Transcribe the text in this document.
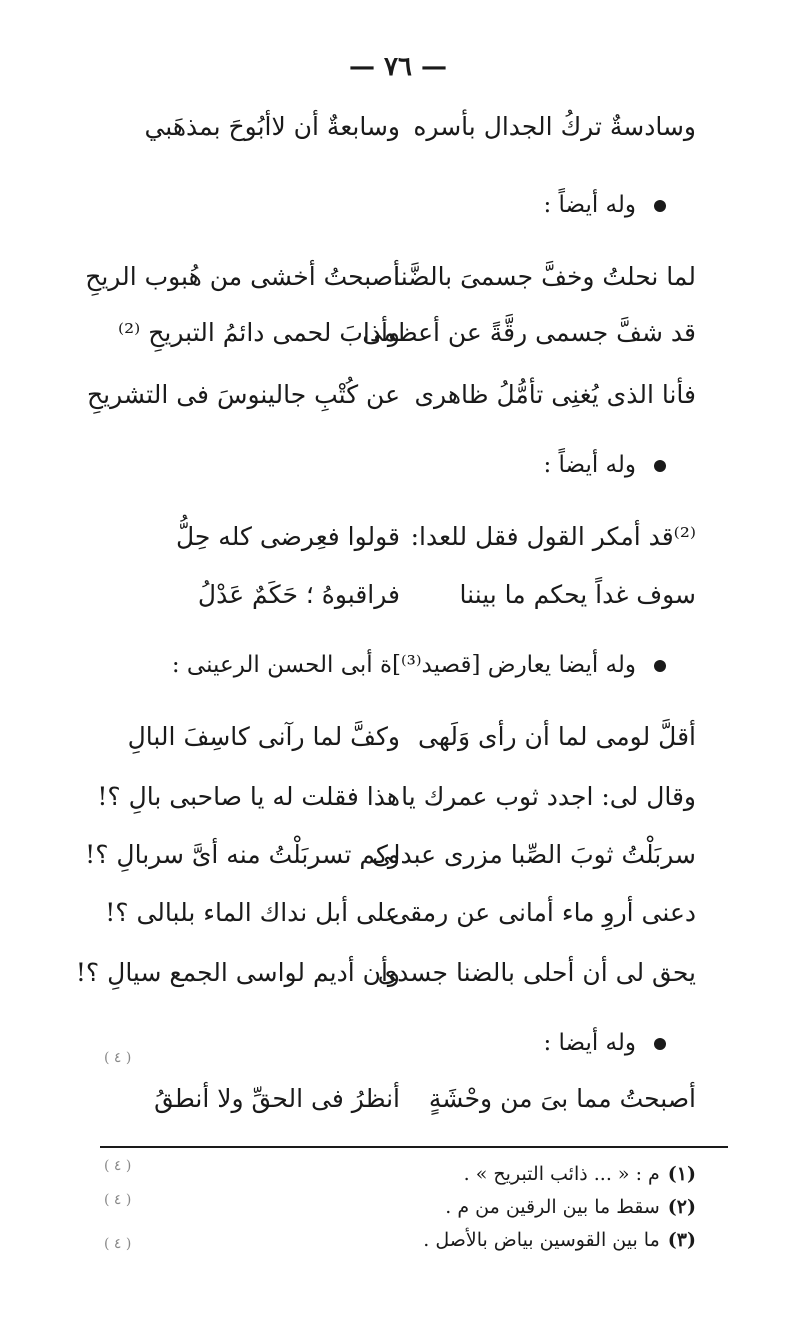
— ٧٦ —
وسادسةٌ تركُ الجدال بأسره
وسابعةٌ أن لاأبُوحَ بمذهَبي
وله أيضاً :
لما نحلتُ وخفَّ جسمىَ بالضَّنا
أصبحتُ أخشى من هُبوب الريحِ
قد شفَّ جسمى رقَّةً عن أعظمى
وأذابَ لحمى دائمُ التبريحِ ⁽²⁾
فأنا الذى يُغنِى تأمُّلُ ظاهرى
عن كُتْبِ جالينوسَ فى التشريحِ
وله أيضاً :
⁽²⁾قد أمكر القول فقل للعدا:
قولوا فعِرضى كله حِلُّ
سوف غداً يحكم ما بيننا
فراقبوهُ ؛ حَكَمٌ عَدْلُ
وله أيضا يعارض [قصيد⁽³⁾]ة أبى الحسن الرعينى :
أقلَّ لومى لما أن رأى وَلَهى
وكفَّ لما رآنى كاسِفَ البالِ
وقال لى: اجدد ثوب عمرك يا
هذا فقلت له يا صاحبى بالِ ؟!
سربَلْتُ ثوبَ الصِّبا مزرى عبدلى
وكم تسربَلْتُ منه أىَّ سربالِ ؟!
دعنى أروِ ماء أمانى عن رمقى
على أبل نداك الماء بلبالى ؟!
يحق لى أن أحلى بالضنا جسدى
وأن أديم لواسى الجمع سيالِ ؟!
وله أيضا :
أصبحتُ مما بىَ من وحْشَةٍ
أنظرُ فى الحقِّ ولا أنطقُ
(١)م : « ... ذائب التبريح » .
(٢)سقط ما بين الرقين من م .
(٣)ما بين القوسين بياض بالأصل .
( ٤ )
( ٤ )
( ٤ )
( ٤ )
